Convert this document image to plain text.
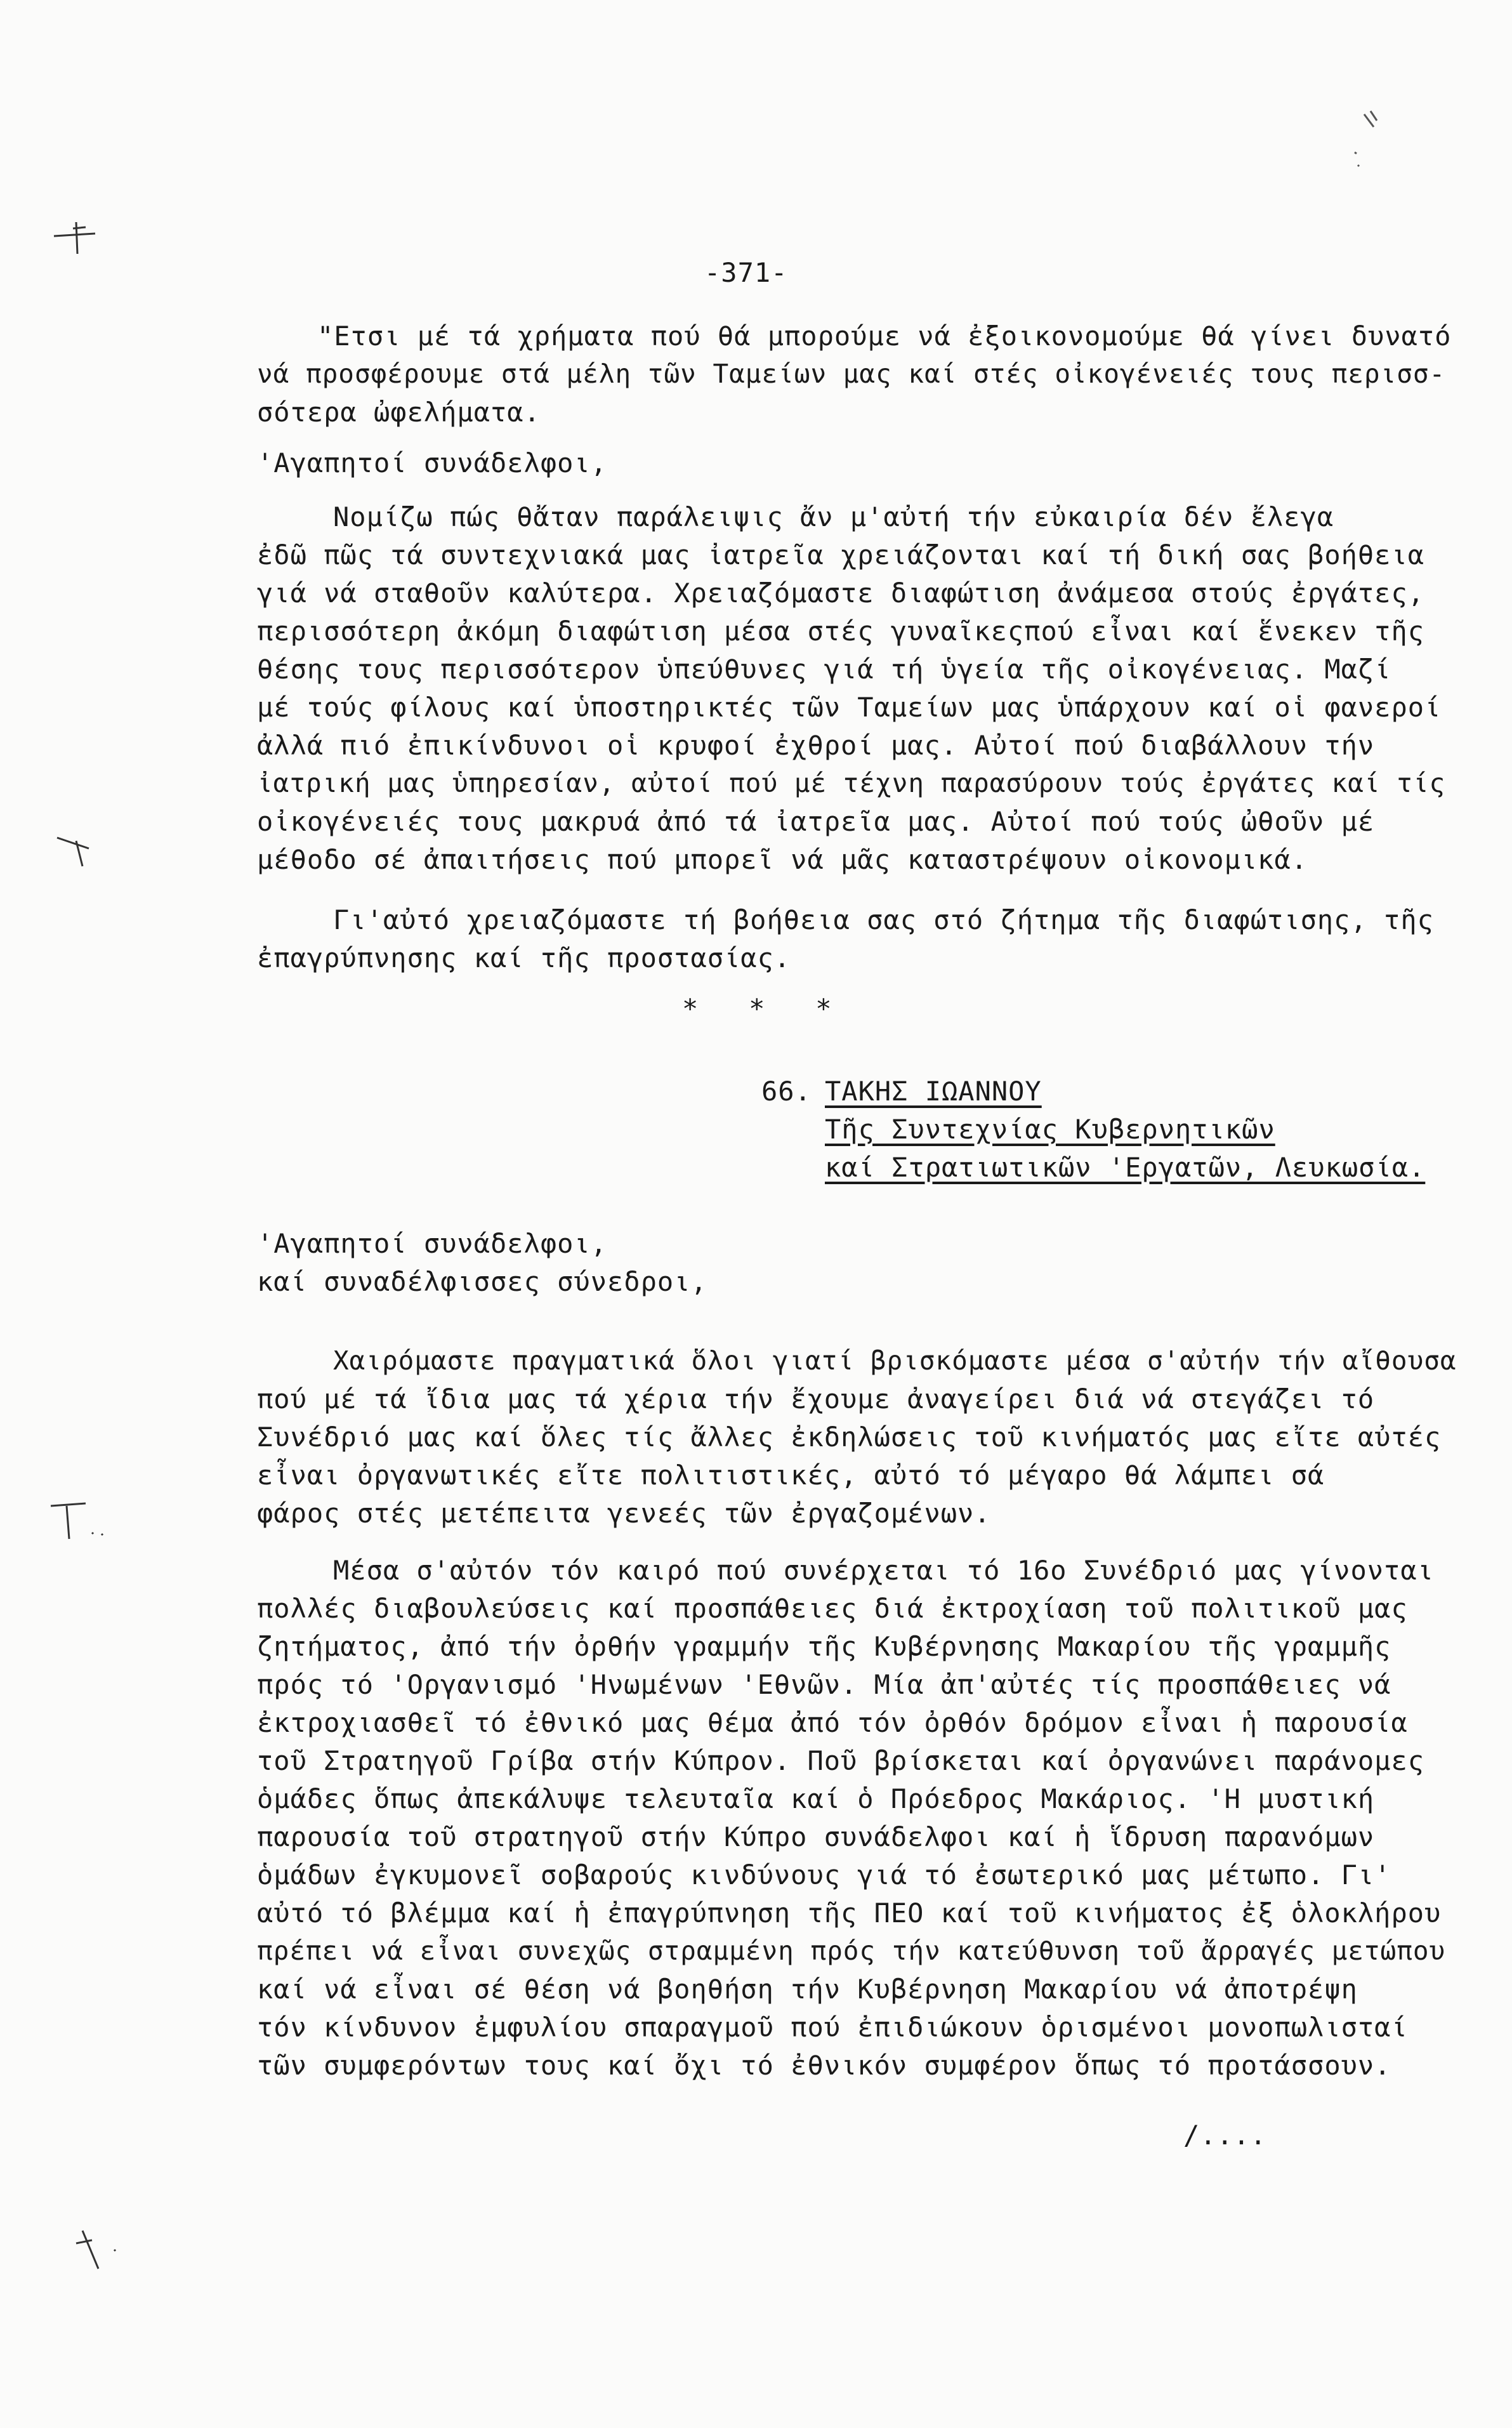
-371-
"Ετσι μέ τά χρήματα πού θά μπορούμε νά ἐξοικονομούμε θά γίνει δυνατό
νά προσφέρουμε στά μέλη τῶν Ταμείων μας καί στές οἰκογένειές τους περισσ-
σότερα ὠφελήματα.
'Αγαπητοί συνάδελφοι,
Νομίζω πώς θἄταν παράλειψις ἄν μ'αὐτή τήν εὐκαιρία δέν ἔλεγα
ἐδῶ πῶς τά συντεχνιακά μας ἰατρεῖα χρειάζονται καί τή δική σας βοήθεια
γιά νά σταθοῦν καλύτερα. Χρειαζόμαστε διαφώτιση ἀνάμεσα στούς ἐργάτες,
περισσότερη ἀκόμη διαφώτιση μέσα στές γυναῖκεςπού εἶναι καί ἕνεκεν τῆς
θέσης τους περισσότερον ὑπεύθυνες γιά τή ὑγεία τῆς οἰκογένειας. Μαζί
μέ τούς φίλους καί ὑποστηρικτές τῶν Ταμείων μας ὑπάρχουν καί οἱ φανεροί
ἀλλά πιό ἐπικίνδυνοι οἱ κρυφοί ἐχθροί μας. Αὐτοί πού διαβάλλουν τήν
ἰατρική μας ὑπηρεσίαν, αὐτοί πού μέ τέχνη παρασύρουν τούς ἐργάτες καί τίς
οἰκογένειές τους μακρυά ἀπό τά ἰατρεῖα μας. Αὐτοί πού τούς ὠθοῦν μέ
μέθοδο σέ ἀπαιτήσεις πού μπορεῖ νά μᾶς καταστρέψουν οἰκονομικά.
Γι'αὐτό χρειαζόμαστε τή βοήθεια σας στό ζήτημα τῆς διαφώτισης, τῆς
ἐπαγρύπνησης καί τῆς προστασίας.
*   *   *
66. ΤΑΚΗΣ ΙΩΑΝΝΟΥ
Τῆς Συντεχνίας Κυβερνητικῶν
καί Στρατιωτικῶν 'Εργατῶν, Λευκωσία.
'Αγαπητοί συνάδελφοι,
καί συναδέλφισσες σύνεδροι,
Χαιρόμαστε πραγματικά ὅλοι γιατί βρισκόμαστε μέσα σ'αὐτήν τήν αἴθουσα
πού μέ τά ἴδια μας τά χέρια τήν ἔχουμε ἀναγείρει διά νά στεγάζει τό
Συνέδριό μας καί ὅλες τίς ἄλλες ἐκδηλώσεις τοῦ κινήματός μας εἴτε αὐτές
εἶναι ὀργανωτικές εἴτε πολιτιστικές, αὐτό τό μέγαρο θά λάμπει σά
φάρος στές μετέπειτα γενεές τῶν ἐργαζομένων.
Μέσα σ'αὐτόν τόν καιρό πού συνέρχεται τό 16ο Συνέδριό μας γίνονται
πολλές διαβουλεύσεις καί προσπάθειες διά ἐκτροχίαση τοῦ πολιτικοῦ μας
ζητήματος, ἀπό τήν ὀρθήν γραμμήν τῆς Κυβέρνησης Μακαρίου τῆς γραμμῆς
πρός τό 'Οργανισμό 'Ηνωμένων 'Εθνῶν. Μία ἀπ'αὐτές τίς προσπάθειες νά
ἐκτροχιασθεῖ τό ἐθνικό μας θέμα ἀπό τόν ὀρθόν δρόμον εἶναι ἡ παρουσία
τοῦ Στρατηγοῦ Γρίβα στήν Κύπρον. Ποῦ βρίσκεται καί ὀργανώνει παράνομες
ὁμάδες ὅπως ἀπεκάλυψε τελευταῖα καί ὁ Πρόεδρος Μακάριος. 'Η μυστική
παρουσία τοῦ στρατηγοῦ στήν Κύπρο συνάδελφοι καί ἡ ἵδρυση παρανόμων
ὁμάδων ἐγκυμονεῖ σοβαρούς κινδύνους γιά τό ἐσωτερικό μας μέτωπο. Γι'
αὐτό τό βλέμμα καί ἡ ἐπαγρύπνηση τῆς ΠΕΟ καί τοῦ κινήματος ἐξ ὁλοκλήρου
πρέπει νά εἶναι συνεχῶς στραμμένη πρός τήν κατεύθυνση τοῦ ἄρραγές μετώπου
καί νά εἶναι σέ θέση νά βοηθήση τήν Κυβέρνηση Μακαρίου νά ἀποτρέψη
τόν κίνδυνον ἐμφυλίου σπαραγμοῦ πού ἐπιδιώκουν ὁρισμένοι μονοπωλισταί
τῶν συμφερόντων τους καί ὄχι τό ἐθνικόν συμφέρον ὅπως τό προτάσσουν.
/....
